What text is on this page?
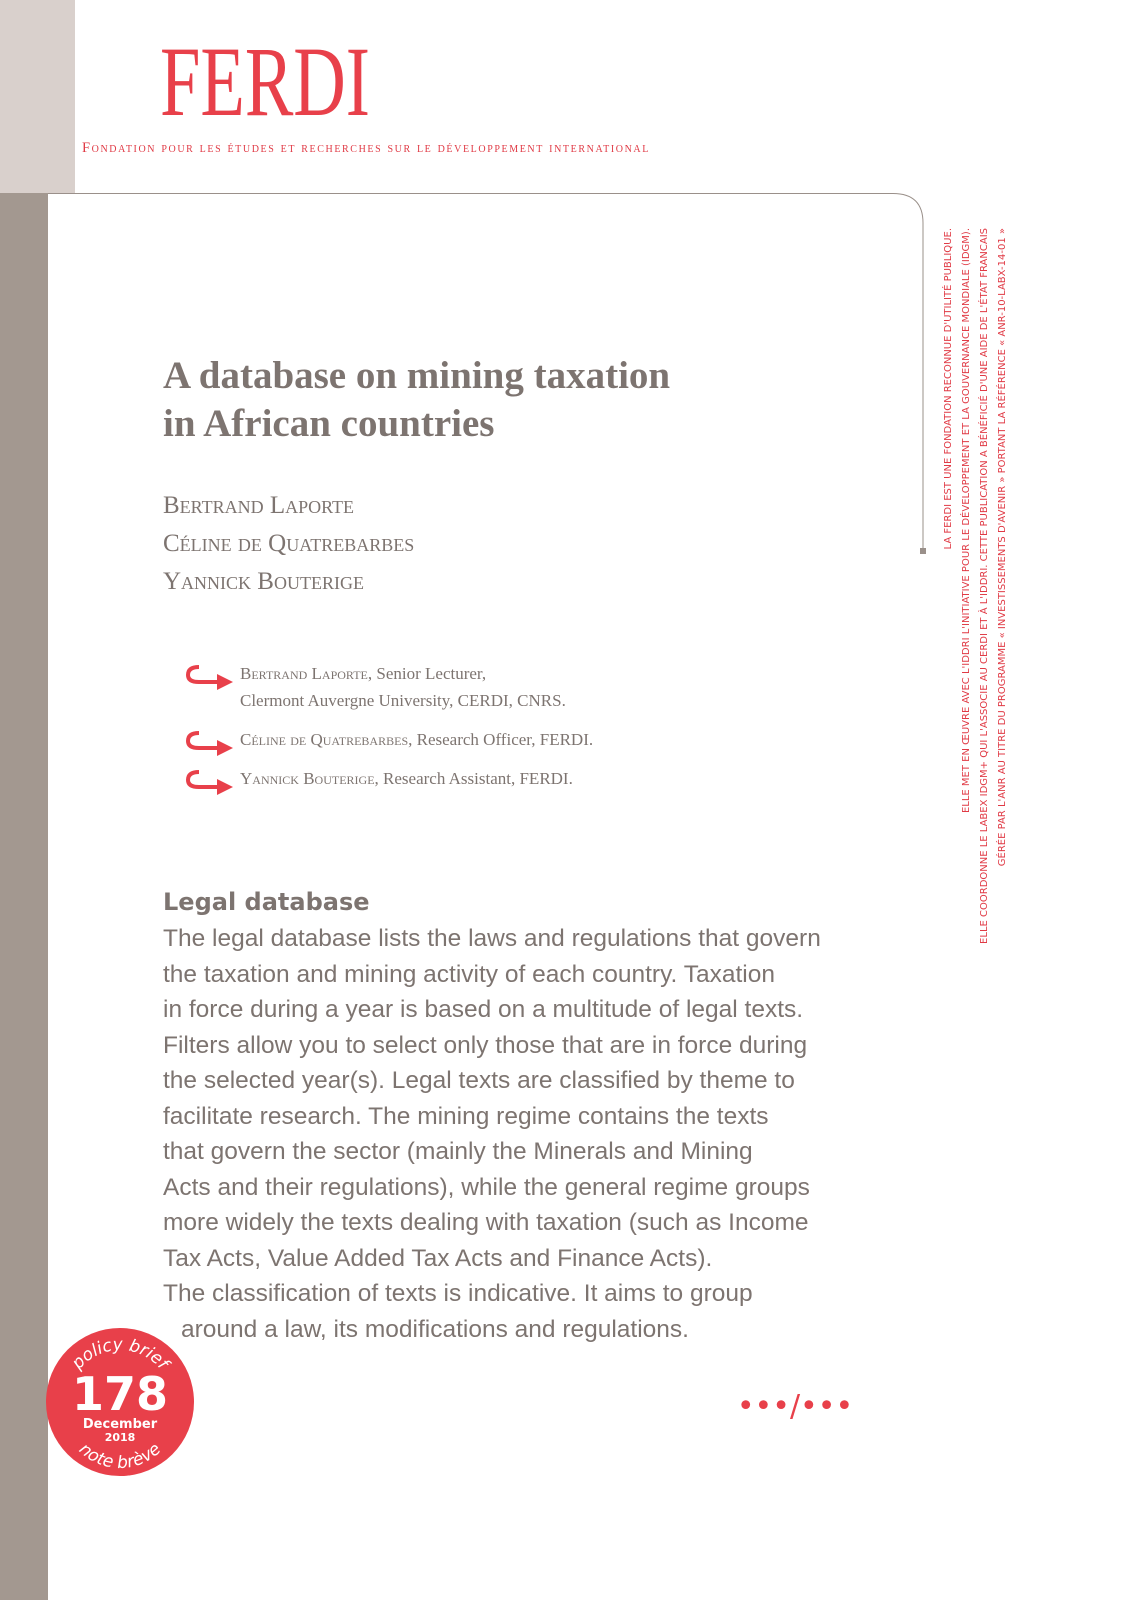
FERDI
Fondation pour les études et recherches sur le développement international
A database on mining taxation
in African countries
Bertrand Laporte
Céline de Quatrebarbes
Yannick Bouterige
Bertrand Laporte, Senior Lecturer,
Clermont Auvergne University, CERDI, CNRS.
Céline de Quatrebarbes, Research Officer, FERDI.
Yannick Bouterige, Research Assistant, FERDI.
LA FERDI EST UNE FONDATION RECONNUE D'UTILITÉ PUBLIQUE. ELLE MET EN ŒUVRE AVEC L'IDDRI L'INITIATIVE POUR LE DÉVELOPPEMENT ET LA GOUVERNANCE MONDIALE (IDGM). ELLE COORDONNE LE LABEX IDGM+ QUI L'ASSOCIE AU CERDI ET À L'IDDRI. CETTE PUBLICATION A BÉNÉFICIÉ D'UNE AIDE DE L'ÉTAT FRANCAIS GÉRÉE PAR L'ANR AU TITRE DU PROGRAMME « INVESTISSEMENTS D'AVENIR » PORTANT LA RÉFÉRENCE « ANR-10-LABX-14-01 »
Legal database
The legal database lists the laws and regulations that govern
the taxation and mining activity of each country. Taxation
in force during a year is based on a multitude of legal texts.
Filters allow you to select only those that are in force during
the selected year(s). Legal texts are classified by theme to
facilitate research. The mining regime contains the texts
that govern the sector (mainly the Minerals and Mining
Acts and their regulations), while the general regime groups
more widely the texts dealing with taxation (such as Income
Tax Acts, Value Added Tax Acts and Finance Acts).
The classification of texts is indicative. It aims to group
around a law, its modifications and regulations.
•••/•••
policy brief
178
December
2018
note brève
